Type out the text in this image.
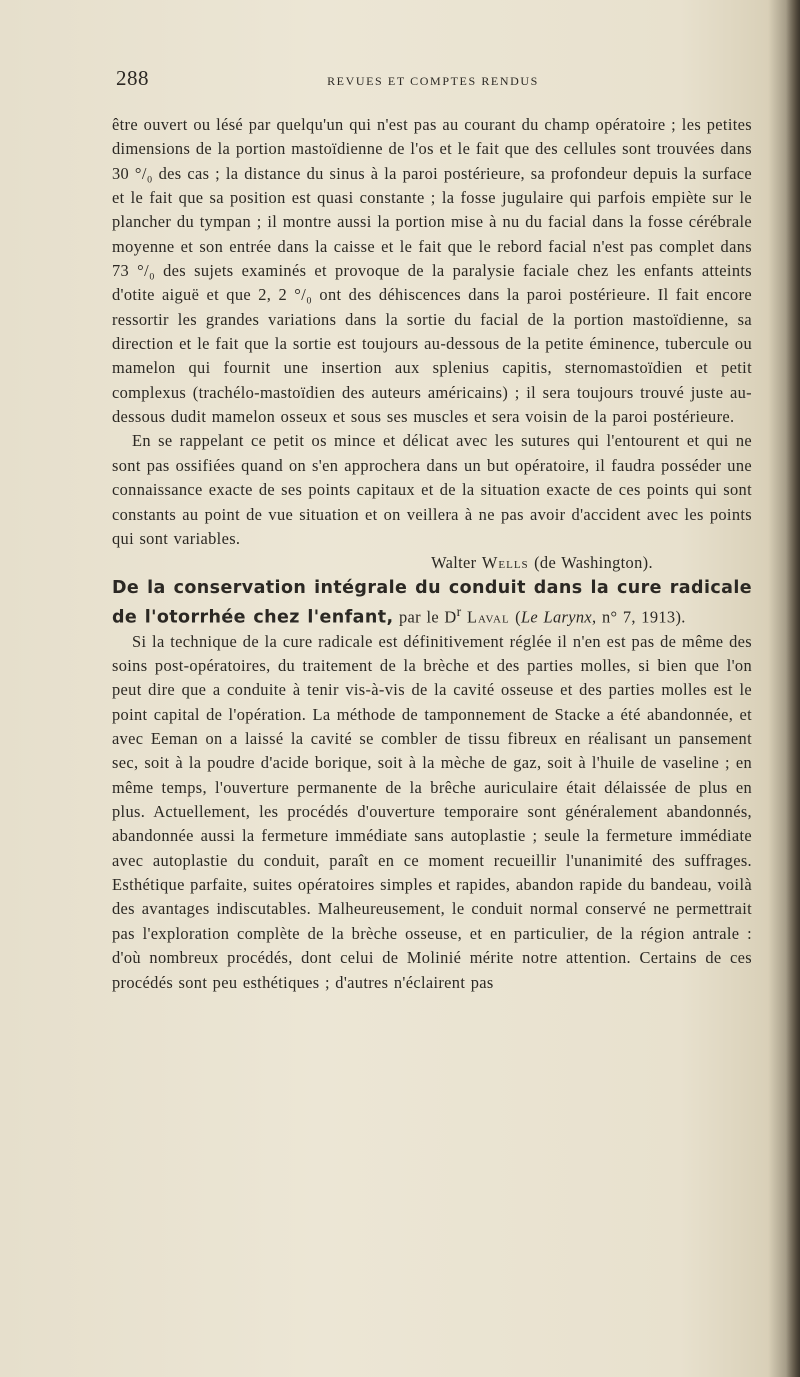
288	REVUES ET COMPTES RENDUS

être ouvert ou lésé par quelqu'un qui n'est pas au courant du champ opératoire ; les petites dimensions de la portion mastoïdienne de l'os et le fait que des cellules sont trouvées dans 30 °/₀ des cas ; la distance du sinus à la paroi postérieure, sa profondeur depuis la surface et le fait que sa position est quasi constante ; la fosse jugulaire qui parfois empiète sur le plancher du tympan ; il montre aussi la portion mise à nu du facial dans la fosse cérébrale moyenne et son entrée dans la caisse et le fait que le rebord facial n'est pas complet dans 73 °/₀ des sujets examinés et provoque de la paralysie faciale chez les enfants atteints d'otite aiguë et que 2, 2 °/₀ ont des déhiscences dans la paroi postérieure. Il fait encore ressortir les grandes variations dans la sortie du facial de la portion mastoïdienne, sa direction et le fait que la sortie est toujours au-dessous de la petite éminence, tubercule ou mamelon qui fournit une insertion aux splenius capitis, sternomastoïdien et petit complexus (trachélo-mastoïdien des auteurs américains) ; il sera toujours trouvé juste au-dessous dudit mamelon osseux et sous ses muscles et sera voisin de la paroi postérieure.

En se rappelant ce petit os mince et délicat avec les sutures qui l'entourent et qui ne sont pas ossifiées quand on s'en approchera dans un but opératoire, il faudra posséder une connaissance exacte de ses points capitaux et de la situation exacte de ces points qui sont constants au point de vue situation et on veillera à ne pas avoir d'accident avec les points qui sont variables.

Walter Wells (de Washington).

De la conservation intégrale du conduit dans la cure radicale de l'otorrhée chez l'enfant, par le $D^r$ Laval (Le Larynx, n° 7, 1913).

Si la technique de la cure radicale est définitivement réglée il n'en est pas de même des soins post-opératoires, du traitement de la brèche et des parties molles, si bien que l'on peut dire que a conduite à tenir vis-à-vis de la cavité osseuse et des parties molles est le point capital de l'opération. La méthode de tamponnement de Stacke a été abandonnée, et avec Eeman on a laissé la cavité se combler de tissu fibreux en réalisant un pansement sec, soit à la poudre d'acide borique, soit à la mèche de gaz, soit à l'huile de vaseline ; en même temps, l'ouverture permanente de la brêche auriculaire était délaissée de plus en plus. Actuellement, les procédés d'ouverture temporaire sont généralement abandonnés, abandonnée aussi la fermeture immédiate sans autoplastie ; seule la fermeture immédiate avec autoplastie du conduit, paraît en ce moment recueillir l'unanimité des suffrages. Esthétique parfaite, suites opératoires simples et rapides, abandon rapide du bandeau, voilà des avantages indiscutables. Malheureusement, le conduit normal conservé ne permettrait pas l'exploration complète de la brèche osseuse, et en particulier, de la région antrale : d'où nombreux procédés, dont celui de Molinié mérite notre attention. Certains de ces procédés sont peu esthétiques ; d'autres n'éclairent pas
